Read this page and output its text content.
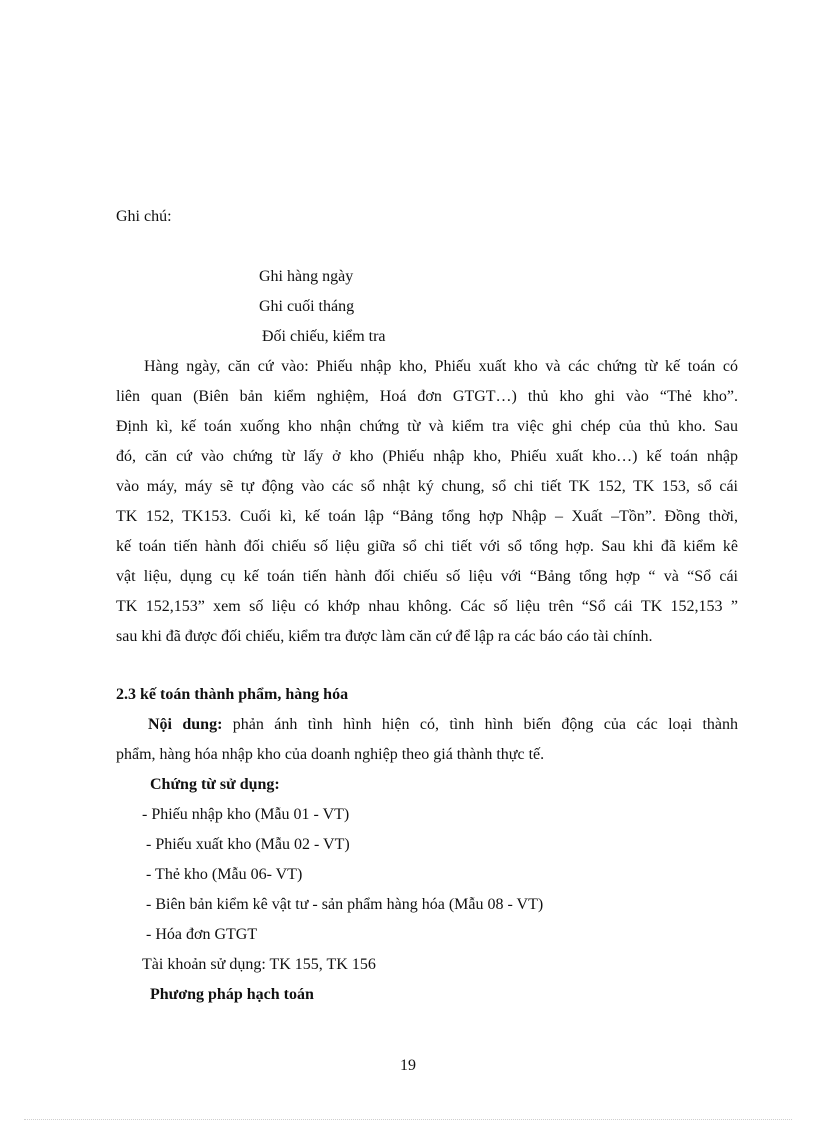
Ghi chú:
Ghi hàng ngày
Ghi cuối tháng
Đối chiếu, kiểm tra
Hàng ngày, căn cứ vào: Phiếu nhập kho, Phiếu xuất kho và các chứng từ kế toán có
liên quan (Biên bản kiểm nghiệm, Hoá đơn GTGT…) thủ kho ghi vào “Thẻ kho”.
Định kì, kế toán xuống kho nhận chứng từ và kiểm tra việc ghi chép của thủ kho. Sau
đó, căn cứ vào chứng từ lấy ở kho (Phiếu nhập kho, Phiếu xuất kho…) kế toán nhập
vào máy, máy sẽ tự động vào các sổ nhật ký chung, sổ chi tiết TK 152, TK 153, sổ cái
TK 152, TK153. Cuối kì, kế toán lập “Bảng tổng hợp Nhập – Xuất –Tồn”. Đồng thời,
kế toán tiến hành đối chiếu số liệu giữa sổ chi tiết với sổ tổng hợp. Sau khi đã kiểm kê
vật liệu, dụng cụ kế toán tiến hành đối chiếu số liệu với “Bảng tổng hợp “ và “Sổ cái
TK 152,153” xem số liệu có khớp nhau không. Các số liệu trên “Sổ cái TK 152,153 ”
sau khi đã được đối chiếu, kiểm tra được làm căn cứ để lập ra các báo cáo tài chính.
2.3 kế toán thành phẩm, hàng hóa
Nội dung: phản ánh tình hình hiện có, tình hình biến động của các loại thành
phẩm, hàng hóa nhập kho của doanh nghiệp theo giá thành thực tế.
Chứng từ sử dụng:
- Phiếu nhập kho (Mẫu 01 - VT)
- Phiếu xuất kho (Mẫu 02 - VT)
- Thẻ kho (Mẫu 06- VT)
- Biên bản kiểm kê vật tư - sản phẩm hàng hóa (Mẫu 08 - VT)
- Hóa đơn GTGT
Tài khoản sử dụng: TK 155, TK 156
Phương pháp hạch toán
19
